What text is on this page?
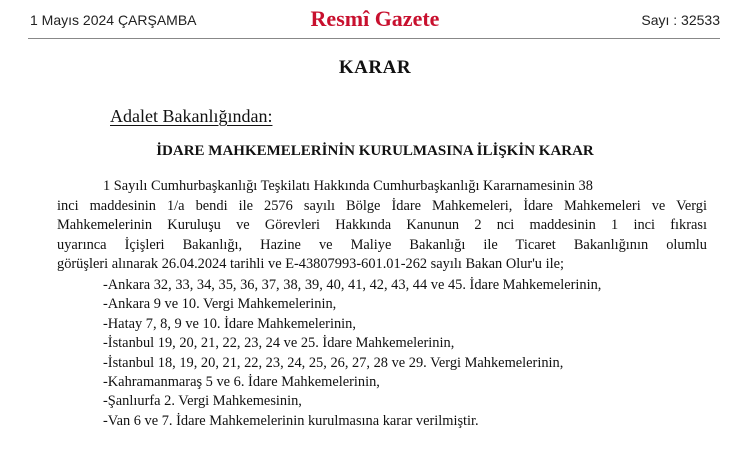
1 Mayıs 2024 ÇARŞAMBA	Resmî Gazete	Sayı : 32533
KARAR
Adalet Bakanlığından:
İDARE MAHKEMELERİNİN KURULMASINA İLİŞKİN KARAR
1 Sayılı Cumhurbaşkanlığı Teşkilatı Hakkında Cumhurbaşkanlığı Kararnamesinin 38
inci maddesinin 1/a bendi ile 2576 sayılı Bölge İdare Mahkemeleri, İdare Mahkemeleri ve Vergi
Mahkemelerinin Kuruluşu ve Görevleri Hakkında Kanunun 2 nci maddesinin 1 inci fıkrası
uyarınca İçişleri Bakanlığı, Hazine ve Maliye Bakanlığı ile Ticaret Bakanlığının olumlu
görüşleri alınarak 26.04.2024 tarihli ve E-43807993-601.01-262 sayılı Bakan Olur'u ile;
-Ankara 32, 33, 34, 35, 36, 37, 38, 39, 40, 41, 42, 43, 44 ve 45. İdare Mahkemelerinin,
-Ankara 9 ve 10. Vergi Mahkemelerinin,
-Hatay 7, 8, 9 ve 10. İdare Mahkemelerinin,
-İstanbul 19, 20, 21, 22, 23, 24 ve 25. İdare Mahkemelerinin,
-İstanbul 18, 19, 20, 21, 22, 23, 24, 25, 26, 27, 28 ve 29. Vergi Mahkemelerinin,
-Kahramanmaraş 5 ve 6. İdare Mahkemelerinin,
-Şanlıurfa 2. Vergi Mahkemesinin,
-Van 6 ve 7. İdare Mahkemelerinin kurulmasına karar verilmiştir.
